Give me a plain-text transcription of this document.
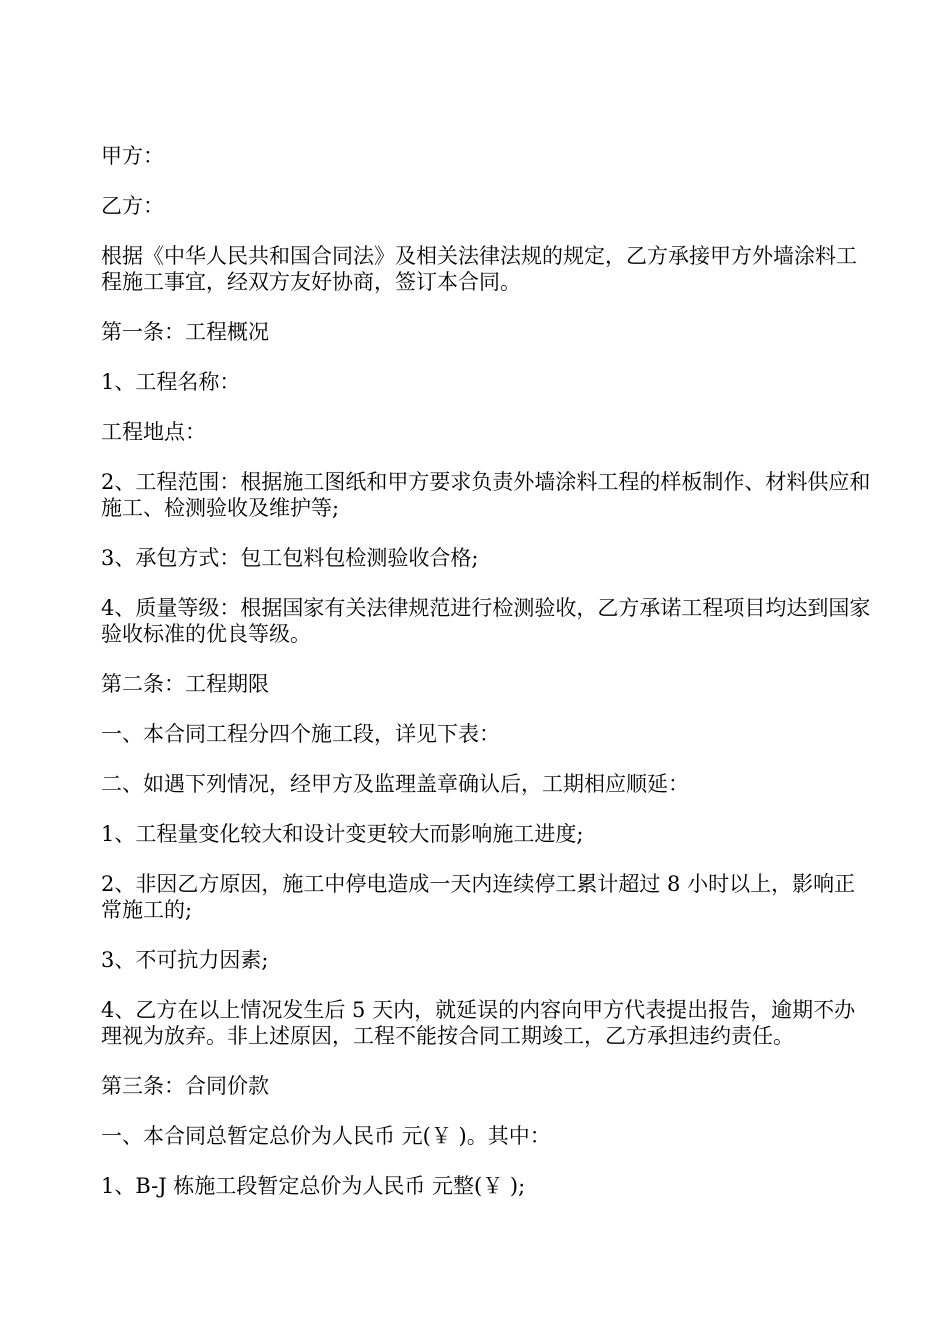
甲方：

乙方：

根据《中华人民共和国合同法》及相关法律法规的规定，乙方承接甲方外墙涂料工程施工事宜，经双方友好协商，签订本合同。

第一条：工程概况

1、工程名称：

工程地点：

2、工程范围：根据施工图纸和甲方要求负责外墙涂料工程的样板制作、材料供应和施工、检测验收及维护等;

3、承包方式：包工包料包检测验收合格;

4、质量等级：根据国家有关法律规范进行检测验收，乙方承诺工程项目均达到国家验收标准的优良等级。

第二条：工程期限

一、本合同工程分四个施工段，详见下表：

二、如遇下列情况，经甲方及监理盖章确认后，工期相应顺延：

1、工程量变化较大和设计变更较大而影响施工进度;

2、非因乙方原因，施工中停电造成一天内连续停工累计超过 8 小时以上，影响正常施工的;

3、不可抗力因素;

4、乙方在以上情况发生后 5 天内，就延误的内容向甲方代表提出报告，逾期不办理视为放弃。非上述原因，工程不能按合同工期竣工，乙方承担违约责任。

第三条：合同价款

一、本合同总暂定总价为人民币 元(￥ )。其中：

1、B-J 栋施工段暂定总价为人民币 元整(￥ );
